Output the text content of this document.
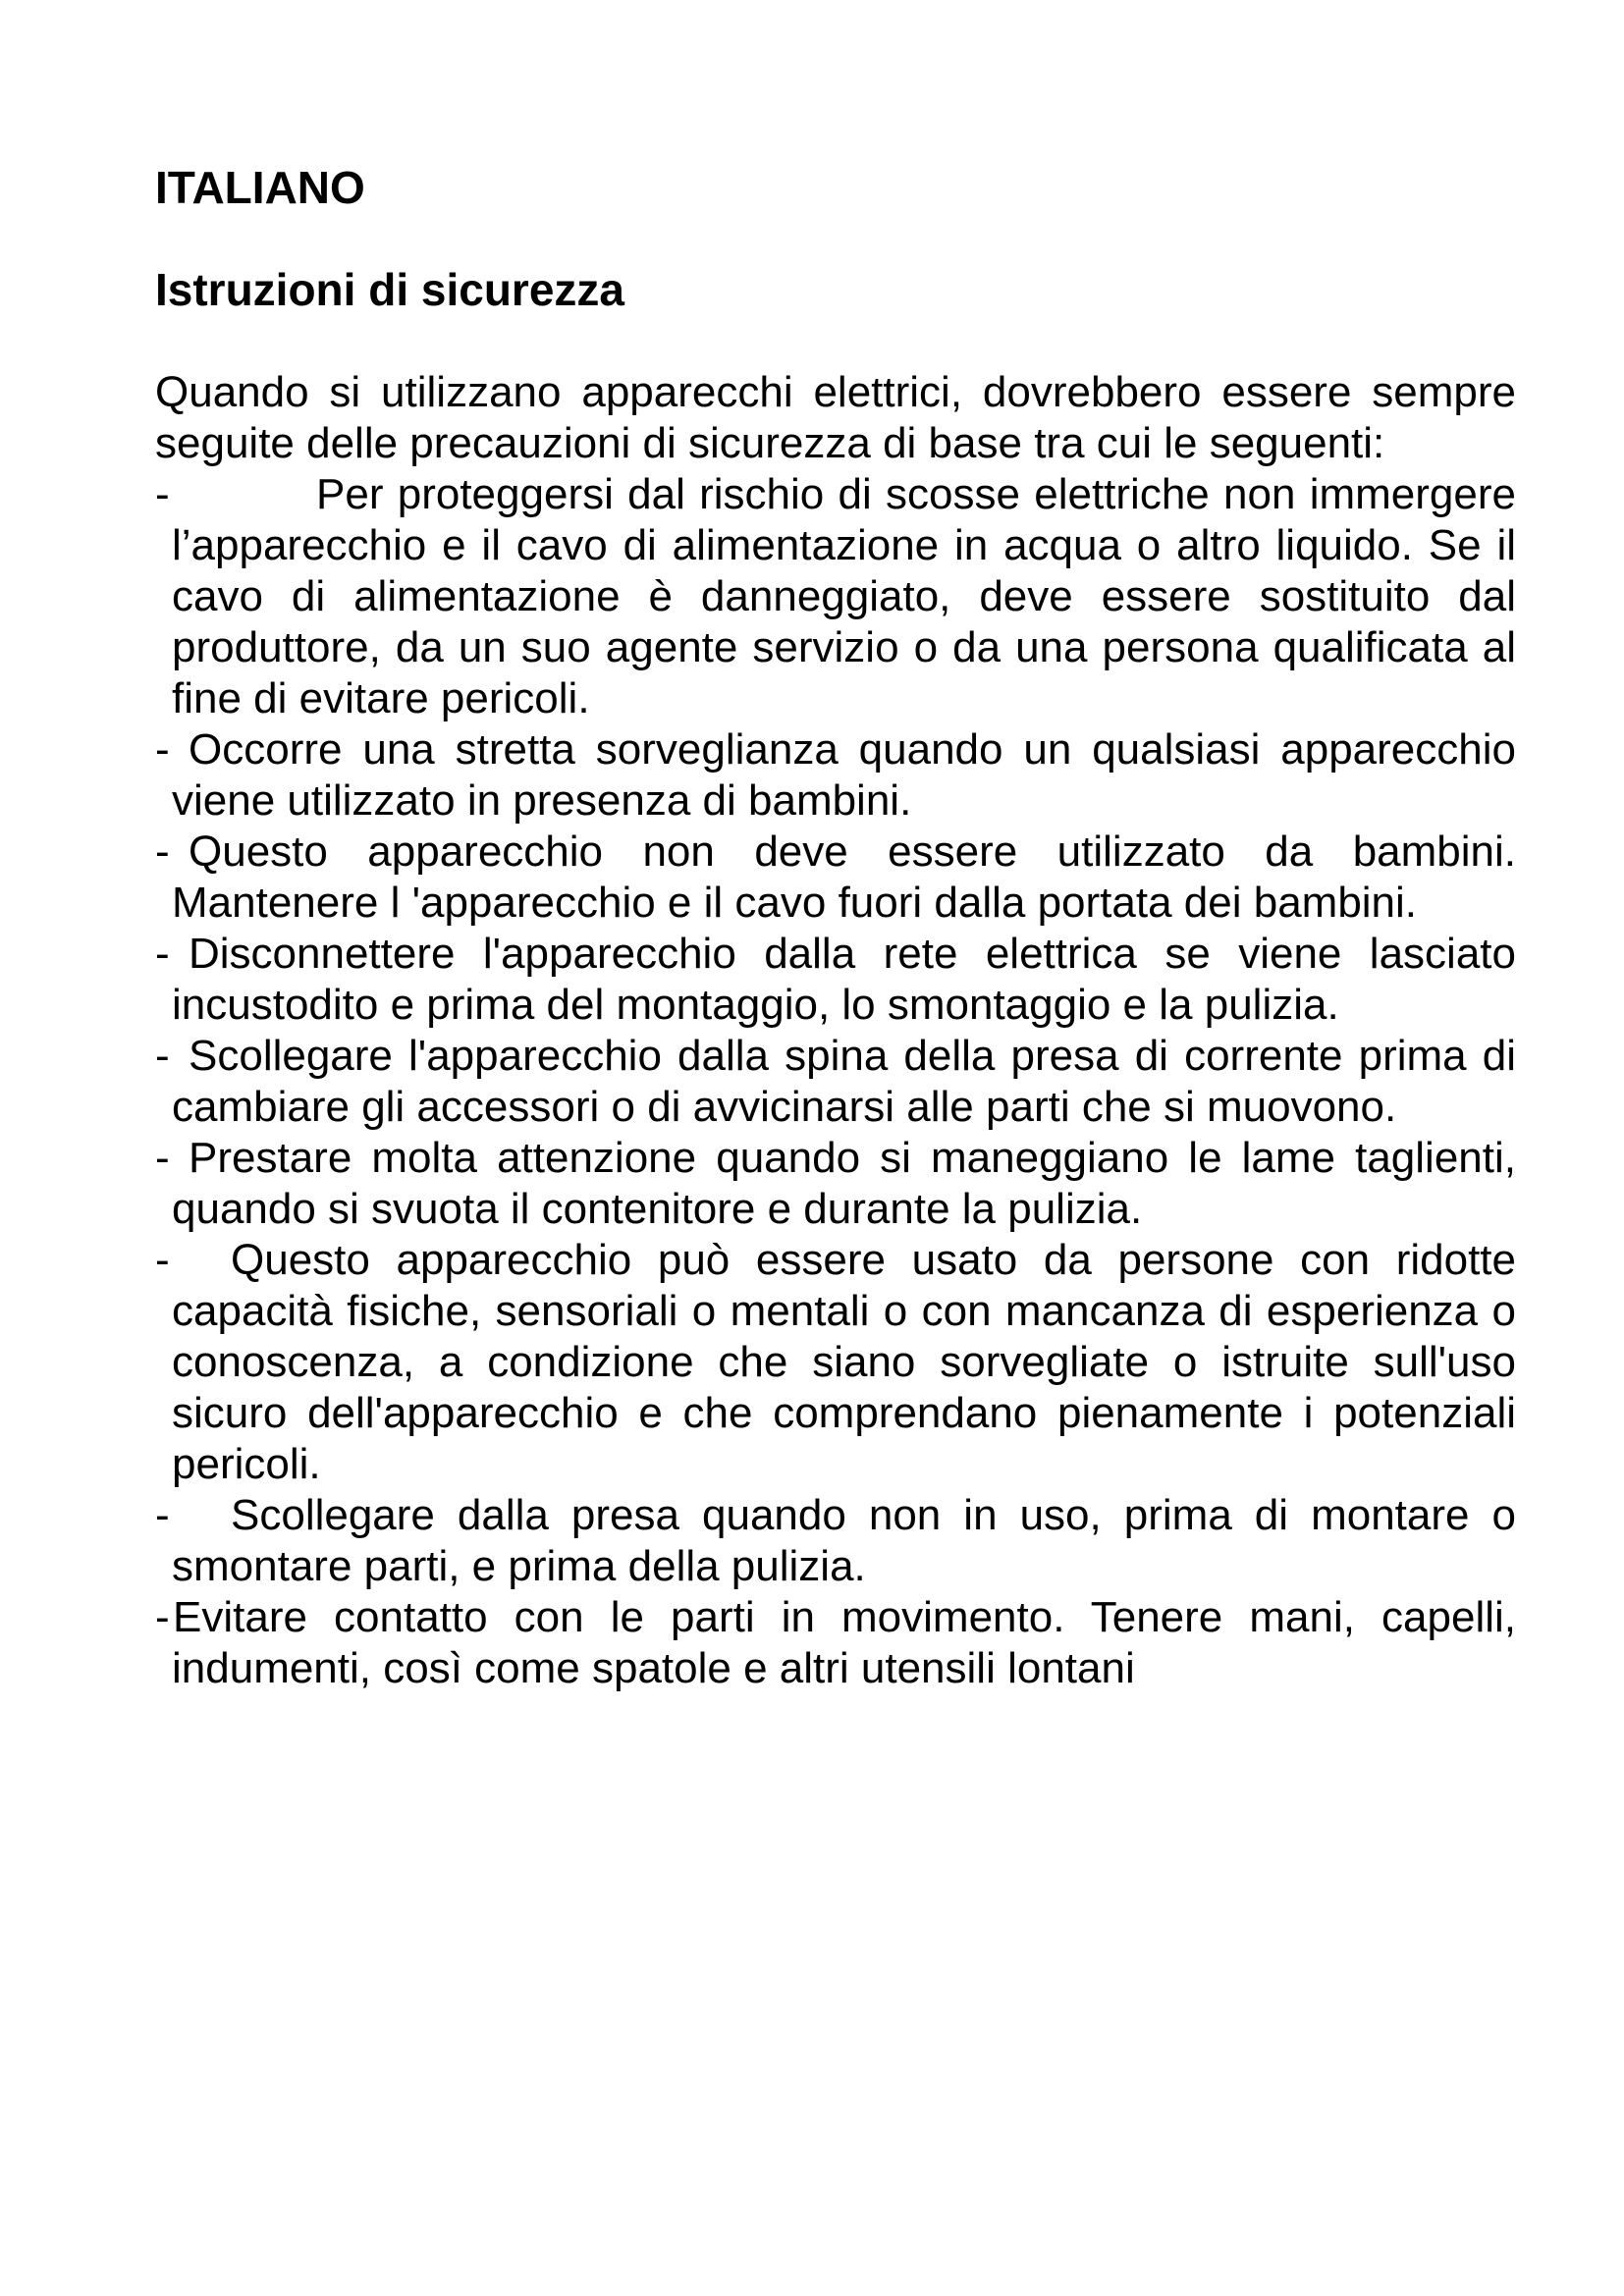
ITALIANO
Istruzioni di sicurezza

Quando si utilizzano apparecchi elettrici, dovrebbero essere sempre seguite delle precauzioni di sicurezza di base tra cui le seguenti:

-	Per proteggersi dal rischio di scosse elettriche non immergere l’apparecchio e il cavo di alimentazione in acqua o altro liquido. Se il cavo di alimentazione è danneggiato, deve essere sostituito dal produttore, da un suo agente servizio o da una persona qualificata al fine di evitare pericoli.
- Occorre una stretta sorveglianza quando un qualsiasi apparecchio viene utilizzato in presenza di bambini.
- Questo apparecchio non deve essere utilizzato da bambini. Mantenere l 'apparecchio e il cavo fuori dalla portata dei bambini.
- Disconnettere l'apparecchio dalla rete elettrica se viene lasciato incustodito e prima del montaggio, lo smontaggio e la pulizia.
- Scollegare l'apparecchio dalla spina della presa di corrente prima di cambiare gli accessori o di avvicinarsi alle parti che si muovono.
- Prestare molta attenzione quando si maneggiano le lame taglienti, quando si svuota il contenitore e durante la pulizia.
-	Questo apparecchio può essere usato da persone con ridotte capacità fisiche, sensoriali o mentali o con mancanza di esperienza o conoscenza, a condizione che siano sorvegliate o istruite sull'uso sicuro dell'apparecchio e che comprendano pienamente i potenziali pericoli.
-	Scollegare dalla presa quando non in uso, prima di montare o smontare parti, e prima della pulizia.
- Evitare contatto con le parti in movimento. Tenere mani, capelli, indumenti, così come spatole e altri utensili lontani
